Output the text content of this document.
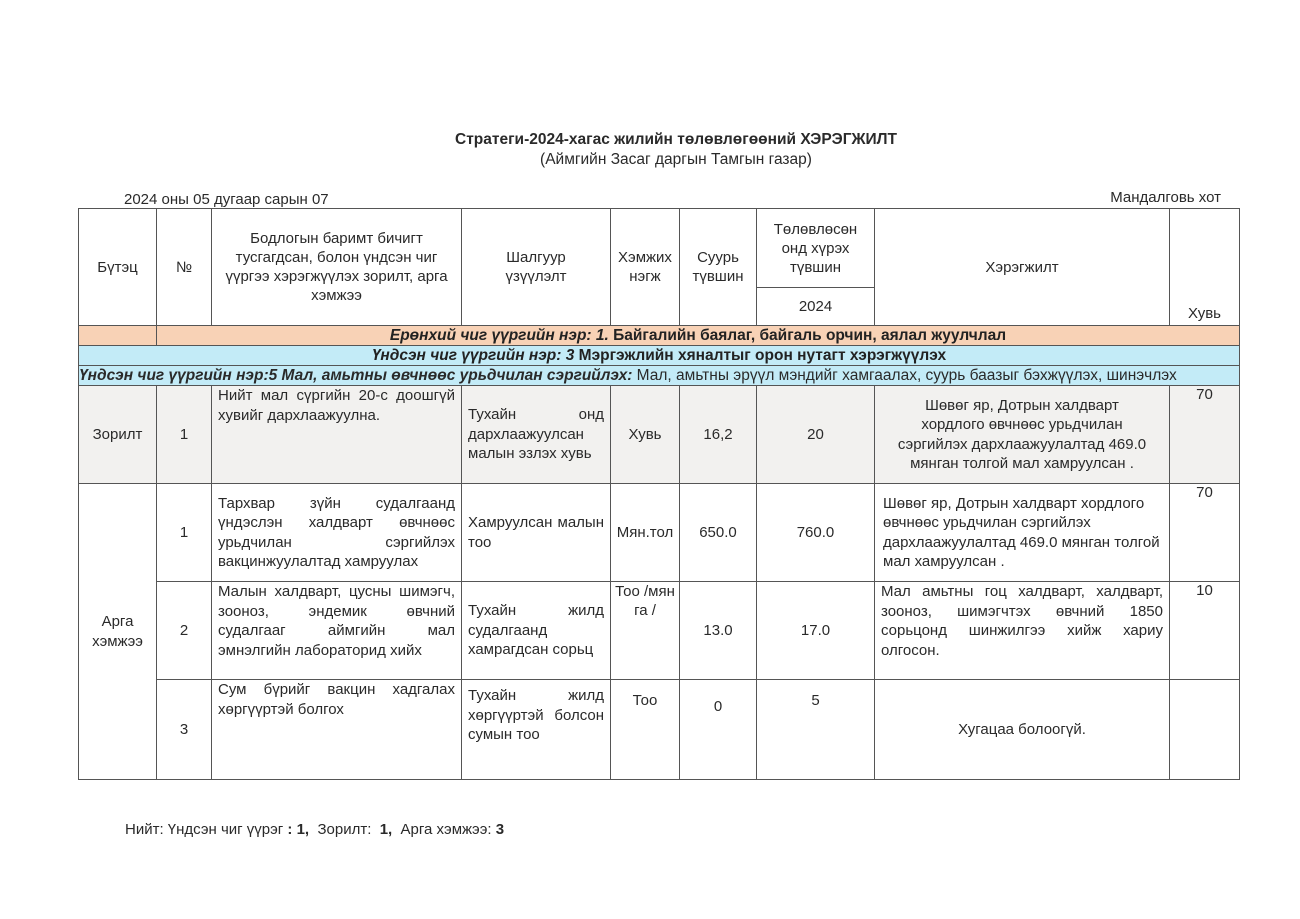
Стратеги-2024-хагас жилийн төлөвлөгөөний ХЭРЭГЖИЛТ
(Аймгийн Засаг даргын Тамгын газар)
2024 оны 05 дугаар сарын 07	Мандалговь хот
Бүтэц	№	Бодлогын баримт бичигт тусгагдсан, болон үндсэн чиг үүргээ хэрэгжүүлэх зорилт, арга хэмжээ	Шалгуур үзүүлэлт	Хэмжих нэгж	Суурь түвшин	Төлөвлөсөн онд хүрэх түвшин	Хэрэгжилт	Хувь
						2024		
	Ерөнхий чиг үүргийн нэр: 1. Байгалийн баялаг, байгаль орчин, аялал жуулчлал							
Үндсэн чиг үүргийн нэр: 3 Мэргэжлийн хяналтыг орон нутагт хэрэгжүүлэх								
Үндсэн чиг үүргийн нэр:5 Мал, амьтны өвчнөөс урьдчилан сэргийлэх: Мал, амьтны эрүүл мэндийг хамгаалах, суурь баазыг бэхжүүлэх, шинэчлэх								
Зорилт	1	Нийт мал сүргийн 20-с доошгүй хувийг дархлаажуулна.	Тухайн онд дархлаажуулсан малын эзлэх хувь	Хувь	16,2	20	Шөвөг яр, Дотрын халдварт хордлого өвчнөөс урьдчилан сэргийлэх дархлаажуулалтад 469.0 мянган толгой мал хамруулсан .	70
Арга хэмжээ	1	Тархвар зүйн судалгаанд үндэслэн халдварт өвчнөөс урьдчилан сэргийлэх вакцинжуулалтад хамруулах	Хамруулсан малын тоо	Мян.тол	650.0	760.0	Шөвөг яр, Дотрын халдварт хордлого өвчнөөс урьдчилан сэргийлэх дархлаажуулалтад 469.0 мянган толгой мал хамруулсан .	70
	2	Малын халдварт, цусны шимэгч, зооноз, эндемик өвчний судалгааг аймгийн мал эмнэлгийн лабораторид хийх	Тухайн жилд судалгаанд хамрагдсан сорьц	Тоо /мянга /	13.0	17.0	Мал амьтны гоц халдварт, халдварт, зооноз, шимэгчтэх өвчний 1850 сорьцонд шинжилгээ хийж хариу олгосон.	10
	3	Сум бүрийг вакцин хадгалах хөргүүртэй болгох	Тухайн жилд хөргүүртэй болсон сумын тоо	Тоо	0	5	Хугацаа болоогүй.	
Нийт: Үндсэн чиг үүрэг : 1,  Зорилт:  1,  Арга хэмжээ: 3
